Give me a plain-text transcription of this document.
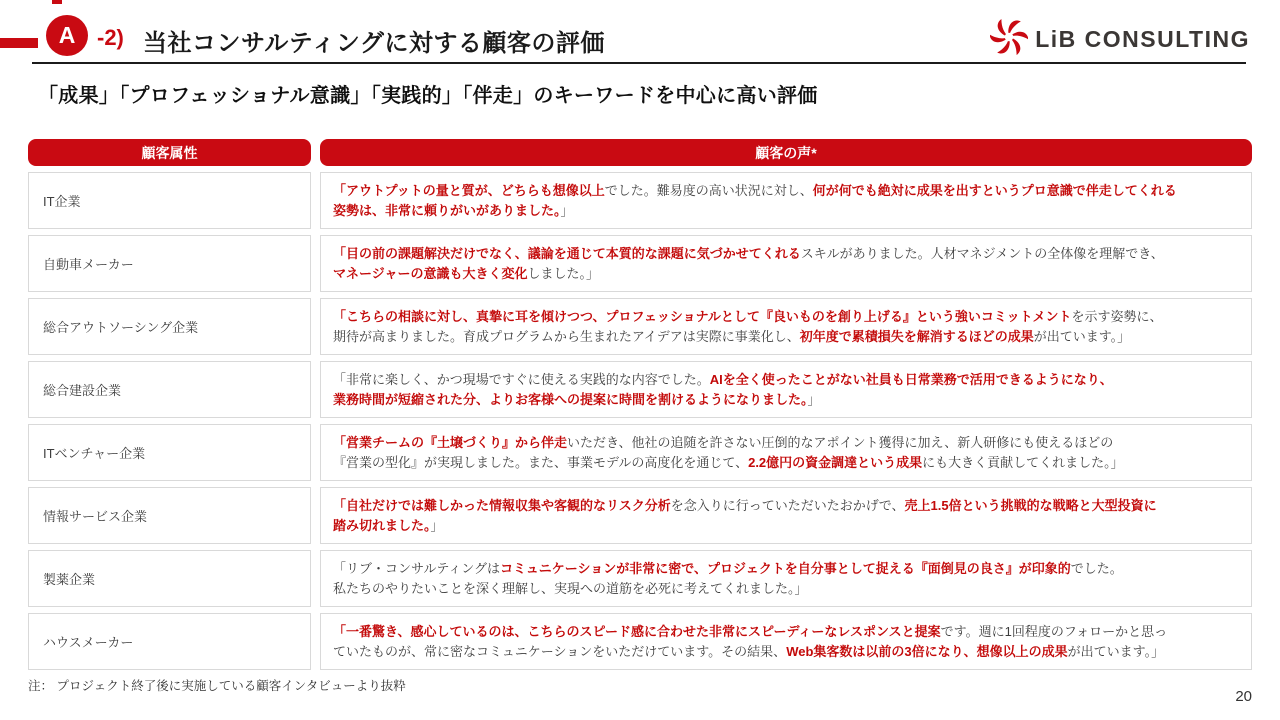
A -2) 当社コンサルティングに対する顧客の評価	LiB CONSULTING
「成果」「プロフェッショナル意識」「実践的」「伴走」のキーワードを中心に高い評価
顧客属性	顧客の声*
IT企業
「アウトプットの量と質が、どちらも想像以上でした。難易度の高い状況に対し、何が何でも絶対に成果を出すというプロ意識で伴走してくれる
姿勢は、非常に頼りがいがありました。」
自動車メーカー
「目の前の課題解決だけでなく、議論を通じて本質的な課題に気づかせてくれるスキルがありました。人材マネジメントの全体像を理解でき、
マネージャーの意識も大きく変化しました。」
総合アウトソーシング企業
「こちらの相談に対し、真摯に耳を傾けつつ、プロフェッショナルとして『良いものを創り上げる』という強いコミットメントを示す姿勢に、
期待が高まりました。育成プログラムから生まれたアイデアは実際に事業化し、初年度で累積損失を解消するほどの成果が出ています。」
総合建設企業
「非常に楽しく、かつ現場ですぐに使える実践的な内容でした。AIを全く使ったことがない社員も日常業務で活用できるようになり、
業務時間が短縮された分、よりお客様への提案に時間を割けるようになりました。」
ITベンチャー企業
「営業チームの『土壌づくり』から伴走いただき、他社の追随を許さない圧倒的なアポイント獲得に加え、新人研修にも使えるほどの
『営業の型化』が実現しました。また、事業モデルの高度化を通じて、2.2億円の資金調達という成果にも大きく貢献してくれました。」
情報サービス企業
「自社だけでは難しかった情報収集や客観的なリスク分析を念入りに行っていただいたおかげで、売上1.5倍という挑戦的な戦略と大型投資に
踏み切れました。」
製薬企業
「リブ・コンサルティングはコミュニケーションが非常に密で、プロジェクトを自分事として捉える『面倒見の良さ』が印象的でした。
私たちのやりたいことを深く理解し、実現への道筋を必死に考えてくれました。」
ハウスメーカー
「一番驚き、感心しているのは、こちらのスピード感に合わせた非常にスピーディーなレスポンスと提案です。週に1回程度のフォローかと思っ
ていたものが、常に密なコミュニケーションをいただけています。その結果、Web集客数は以前の3倍になり、想像以上の成果が出ています。」
注： プロジェクト終了後に実施している顧客インタビューより抜粋
20
